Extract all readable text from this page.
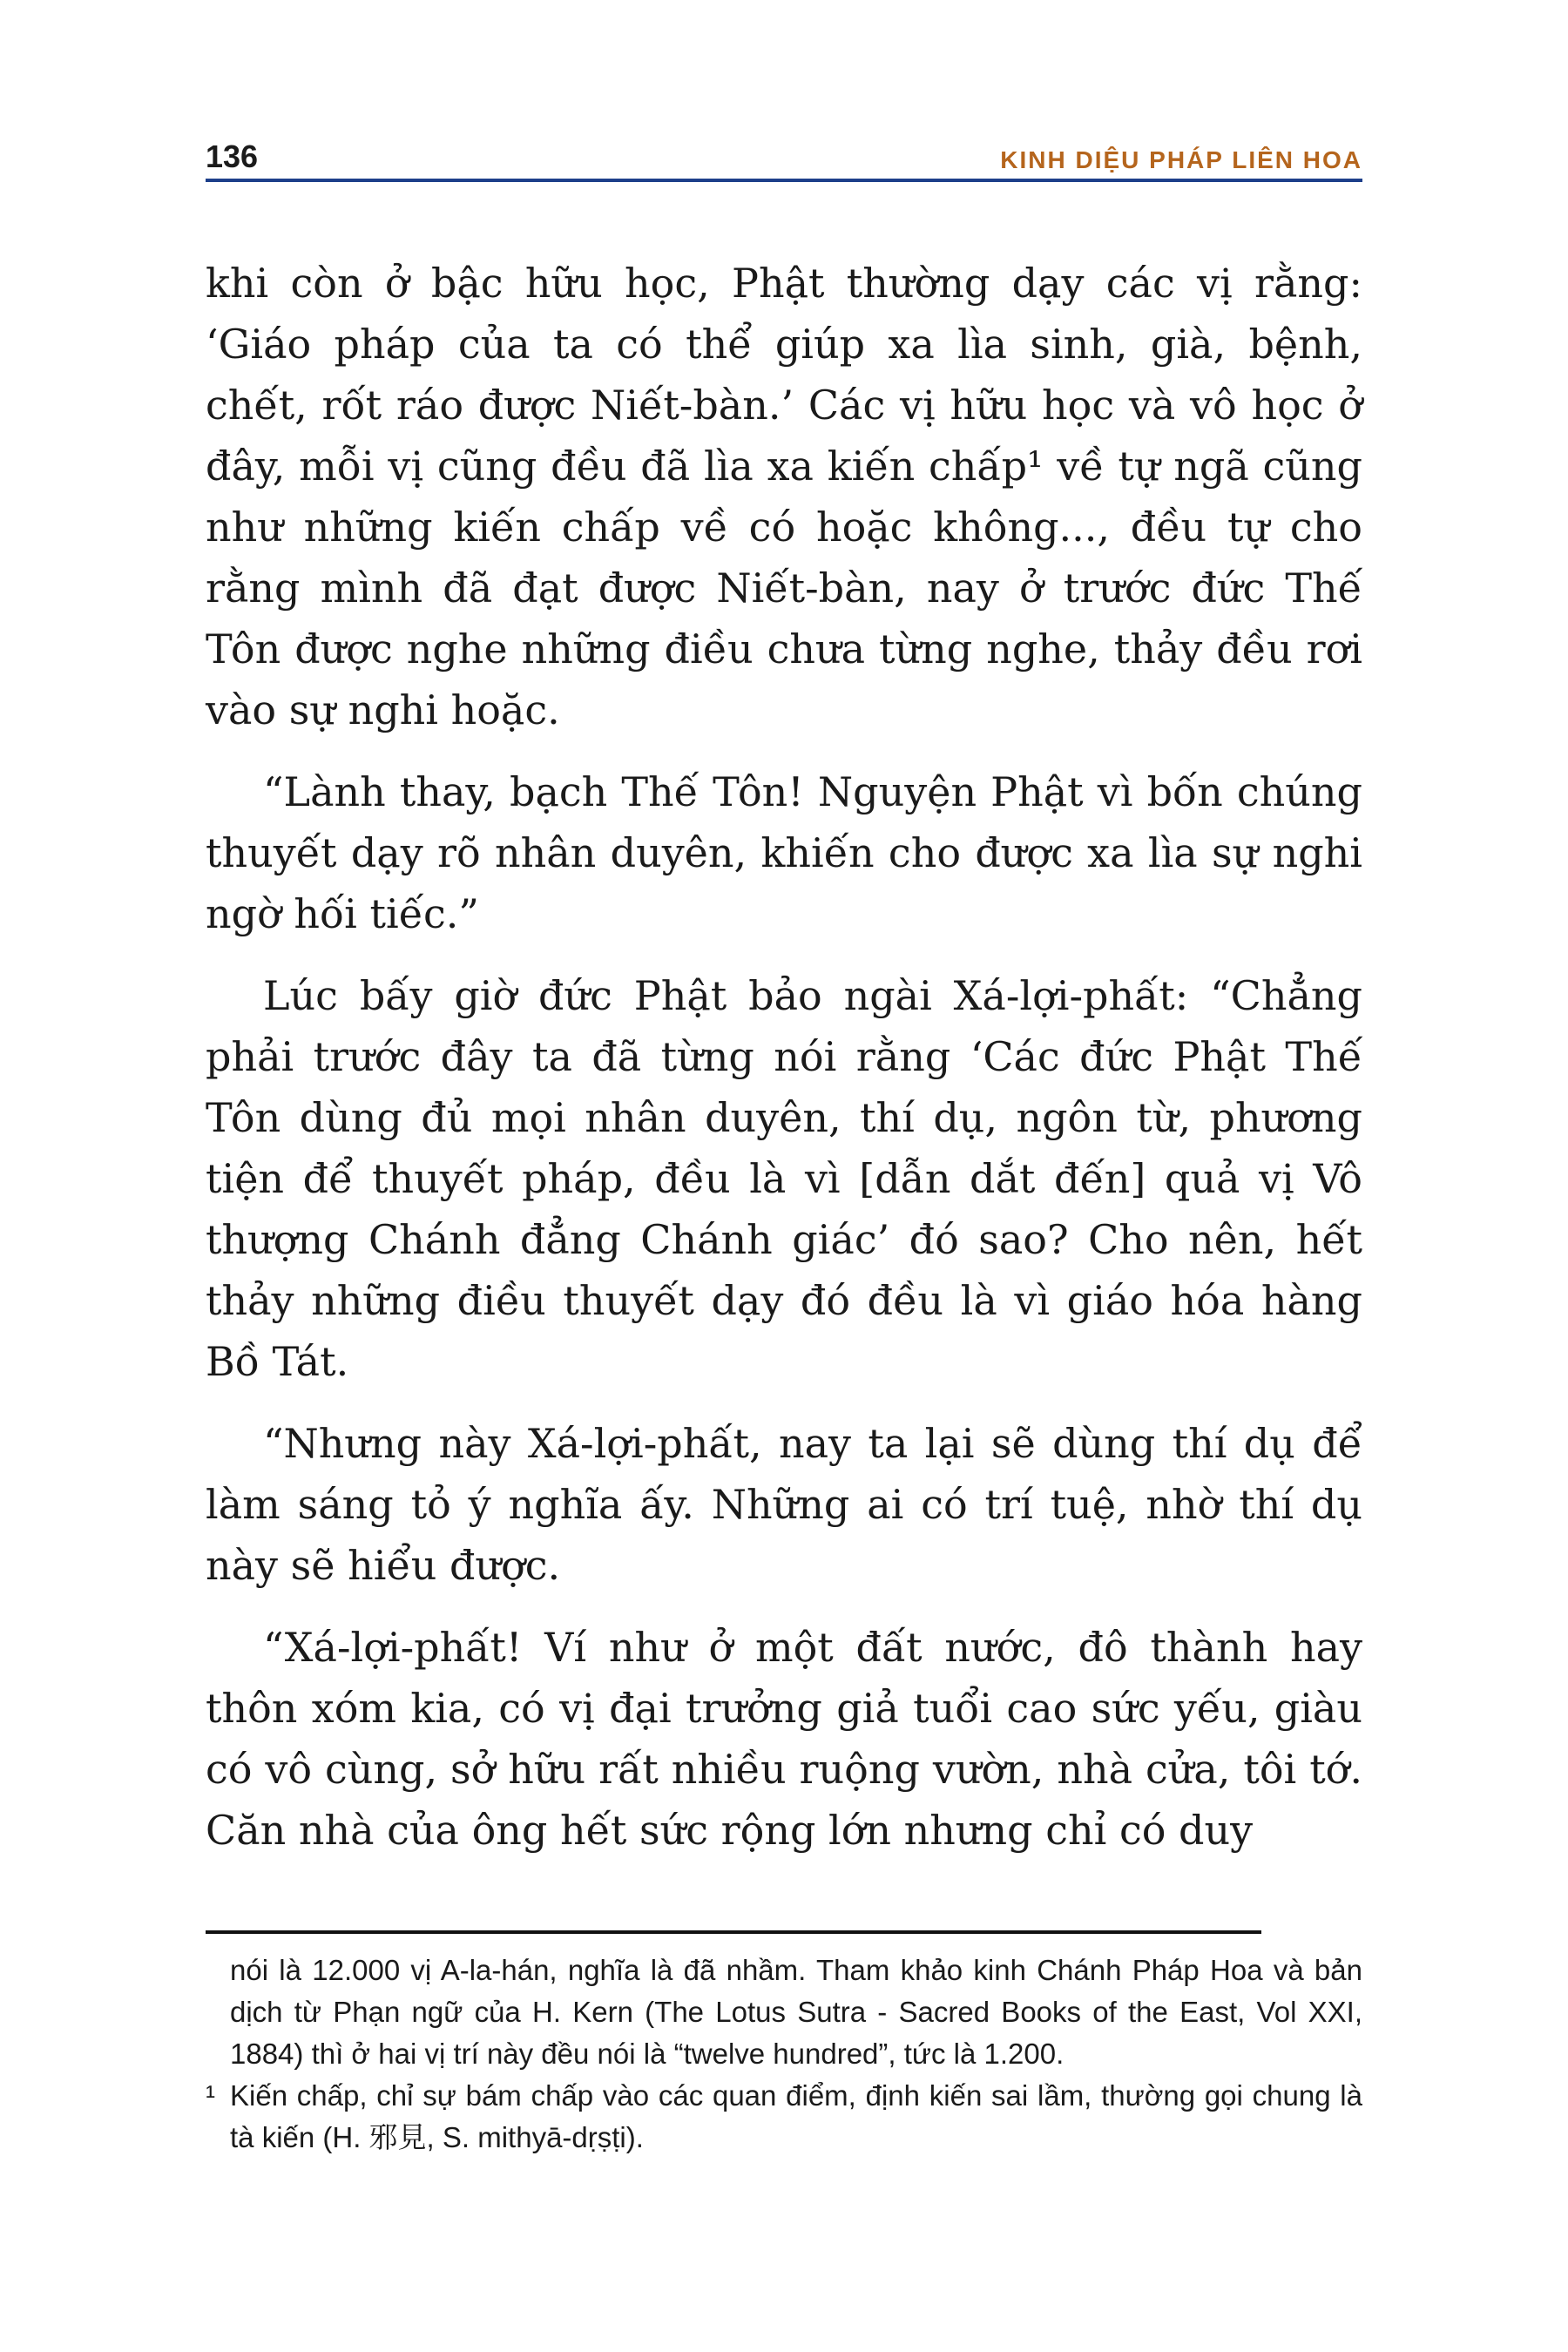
136	KINH DIỆU PHÁP LIÊN HOA

khi còn ở bậc hữu học, Phật thường dạy các vị rằng: ‘Giáo pháp của ta có thể giúp xa lìa sinh, già, bệnh, chết, rốt ráo được Niết-bàn.’ Các vị hữu học và vô học ở đây, mỗi vị cũng đều đã lìa xa kiến chấp¹ về tự ngã cũng như những kiến chấp về có hoặc không..., đều tự cho rằng mình đã đạt được Niết-bàn, nay ở trước đức Thế Tôn được nghe những điều chưa từng nghe, thảy đều rơi vào sự nghi hoặc.

“Lành thay, bạch Thế Tôn! Nguyện Phật vì bốn chúng thuyết dạy rõ nhân duyên, khiến cho được xa lìa sự nghi ngờ hối tiếc.”

Lúc bấy giờ đức Phật bảo ngài Xá-lợi-phất: “Chẳng phải trước đây ta đã từng nói rằng ‘Các đức Phật Thế Tôn dùng đủ mọi nhân duyên, thí dụ, ngôn từ, phương tiện để thuyết pháp, đều là vì [dẫn dắt đến] quả vị Vô thượng Chánh đẳng Chánh giác’ đó sao? Cho nên, hết thảy những điều thuyết dạy đó đều là vì giáo hóa hàng Bồ Tát.

“Nhưng này Xá-lợi-phất, nay ta lại sẽ dùng thí dụ để làm sáng tỏ ý nghĩa ấy. Những ai có trí tuệ, nhờ thí dụ này sẽ hiểu được.

“Xá-lợi-phất! Ví như ở một đất nước, đô thành hay thôn xóm kia, có vị đại trưởng giả tuổi cao sức yếu, giàu có vô cùng, sở hữu rất nhiều ruộng vườn, nhà cửa, tôi tớ. Căn nhà của ông hết sức rộng lớn nhưng chỉ có duy

nói là 12.000 vị A-la-hán, nghĩa là đã nhầm. Tham khảo kinh Chánh Pháp Hoa và bản dịch từ Phạn ngữ của H. Kern (The Lotus Sutra - Sacred Books of the East, Vol XXI, 1884) thì ở hai vị trí này đều nói là “twelve hundred”, tức là 1.200.

¹ Kiến chấp, chỉ sự bám chấp vào các quan điểm, định kiến sai lầm, thường gọi chung là tà kiến (H. 邪見, S. mithyā-dṛṣṭi).
